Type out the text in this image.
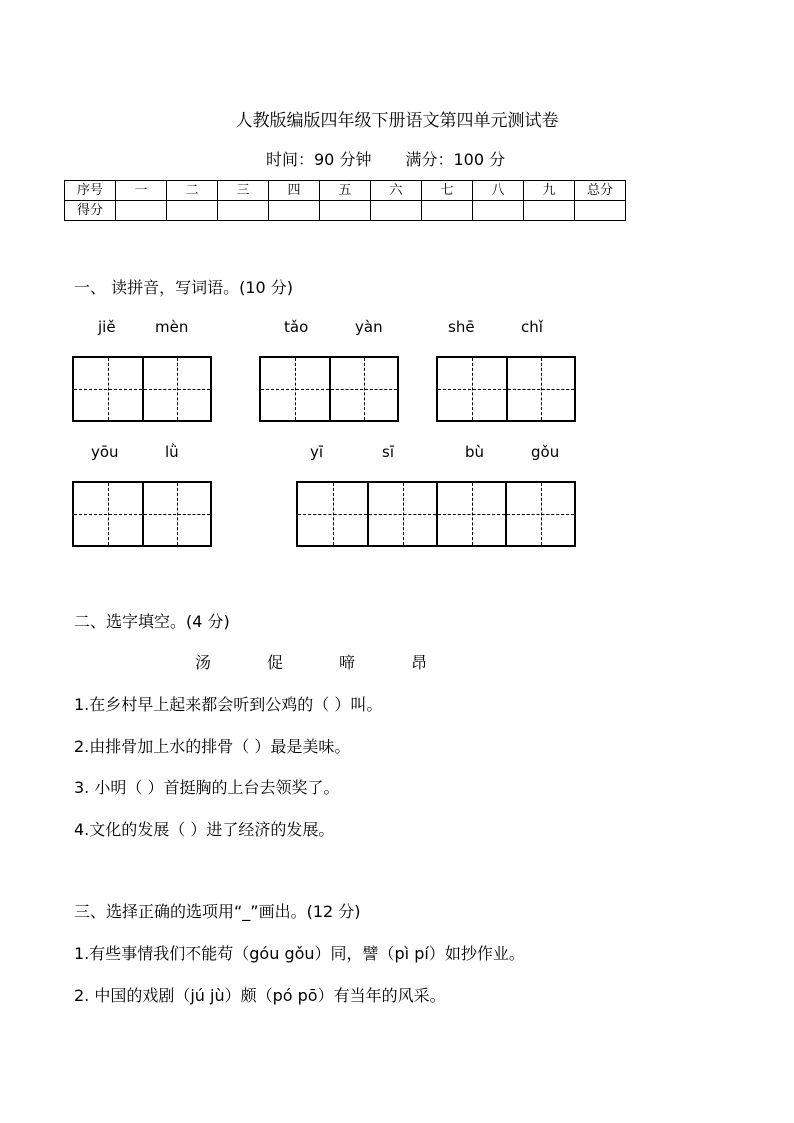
人教版编版四年级下册语文第四单元测试卷
时间：90 分钟 满分：100 分
序号	一	二	三	四	五	六	七	八	九	总分
得分										
一、 读拼音，写词语。(10 分)
jiě	mèn	tǎo	yàn	shē	chǐ
yōu	lǜ	yī	sī	bù	gǒu
二、选字填空。(4 分)
汤	促	啼	昂
1.在乡村早上起来都会听到公鸡的（ ）叫。
2.由排骨加上水的排骨（ ）最是美味。
3. 小明（ ）首挺胸的上台去领奖了。
4.文化的发展（ ）进了经济的发展。
三、选择正确的选项用“_”画出。(12 分)
1.有些事情我们不能苟（góu gǒu）同，譬（pì pí）如抄作业。
2. 中国的戏剧（jú jù）颇（pó pō）有当年的风采。
